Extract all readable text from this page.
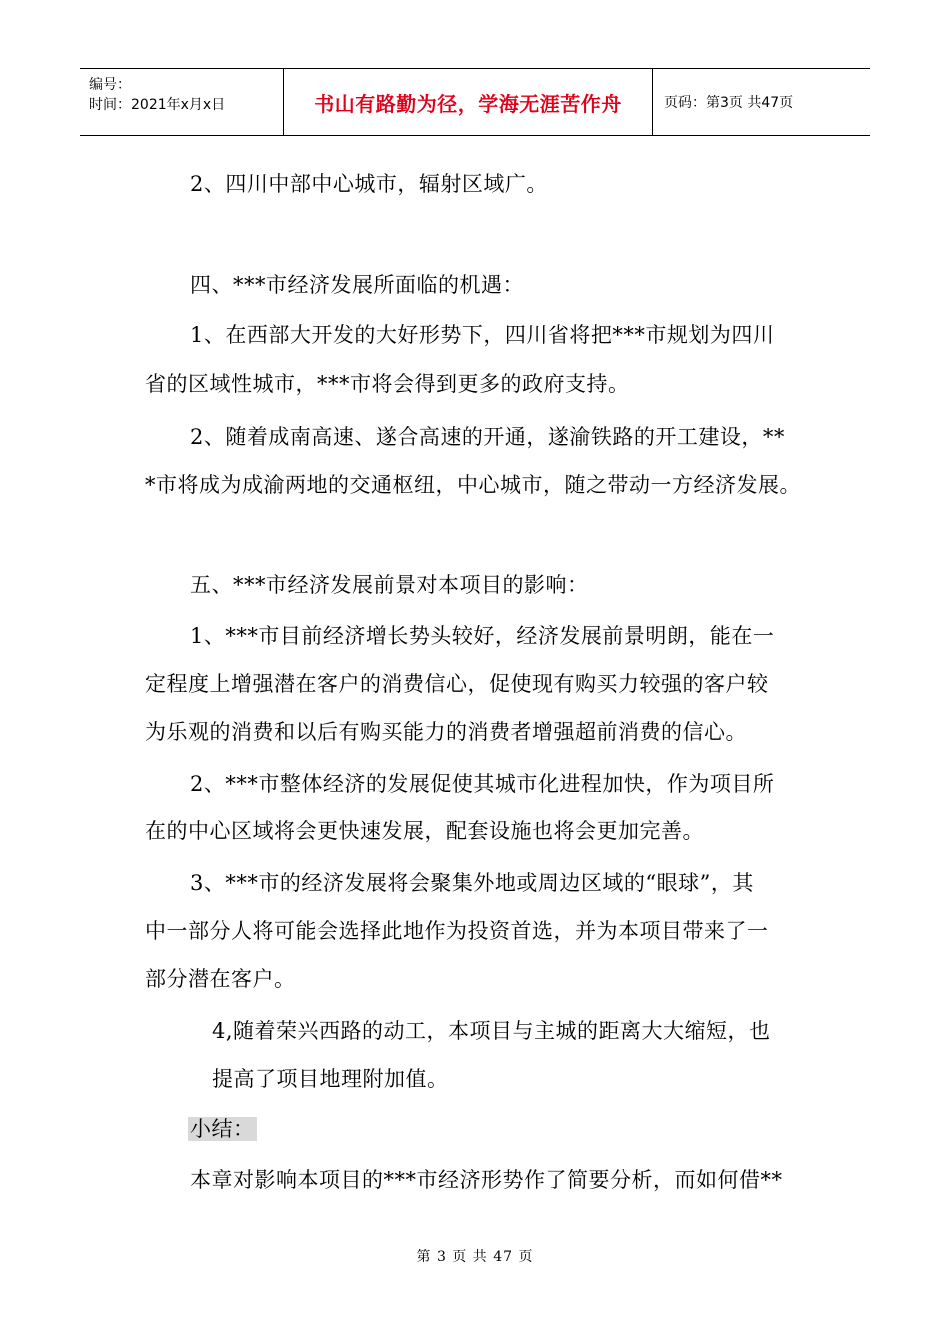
编号：
时间：2021年x月x日	书山有路勤为径，学海无涯苦作舟	页码：第3页 共47页
2、四川中部中心城市，辐射区域广。
四、***市经济发展所面临的机遇：
1、在西部大开发的大好形势下，四川省将把***市规划为四川
省的区域性城市，***市将会得到更多的政府支持。
2、随着成南高速、遂合高速的开通，遂渝铁路的开工建设，**
*市将成为成渝两地的交通枢纽，中心城市，随之带动一方经济发展。
五、***市经济发展前景对本项目的影响：
1、***市目前经济增长势头较好，经济发展前景明朗，能在一
定程度上增强潜在客户的消费信心，促使现有购买力较强的客户较
为乐观的消费和以后有购买能力的消费者增强超前消费的信心。
2、***市整体经济的发展促使其城市化进程加快，作为项目所
在的中心区域将会更快速发展，配套设施也将会更加完善。
3、***市的经济发展将会聚集外地或周边区域的“眼球”，其
中一部分人将可能会选择此地作为投资首选，并为本项目带来了一
部分潜在客户。
4,随着荣兴西路的动工，本项目与主城的距离大大缩短，也
提高了项目地理附加值。
小结：
本章对影响本项目的***市经济形势作了简要分析，而如何借**
第 3 页 共 47 页
